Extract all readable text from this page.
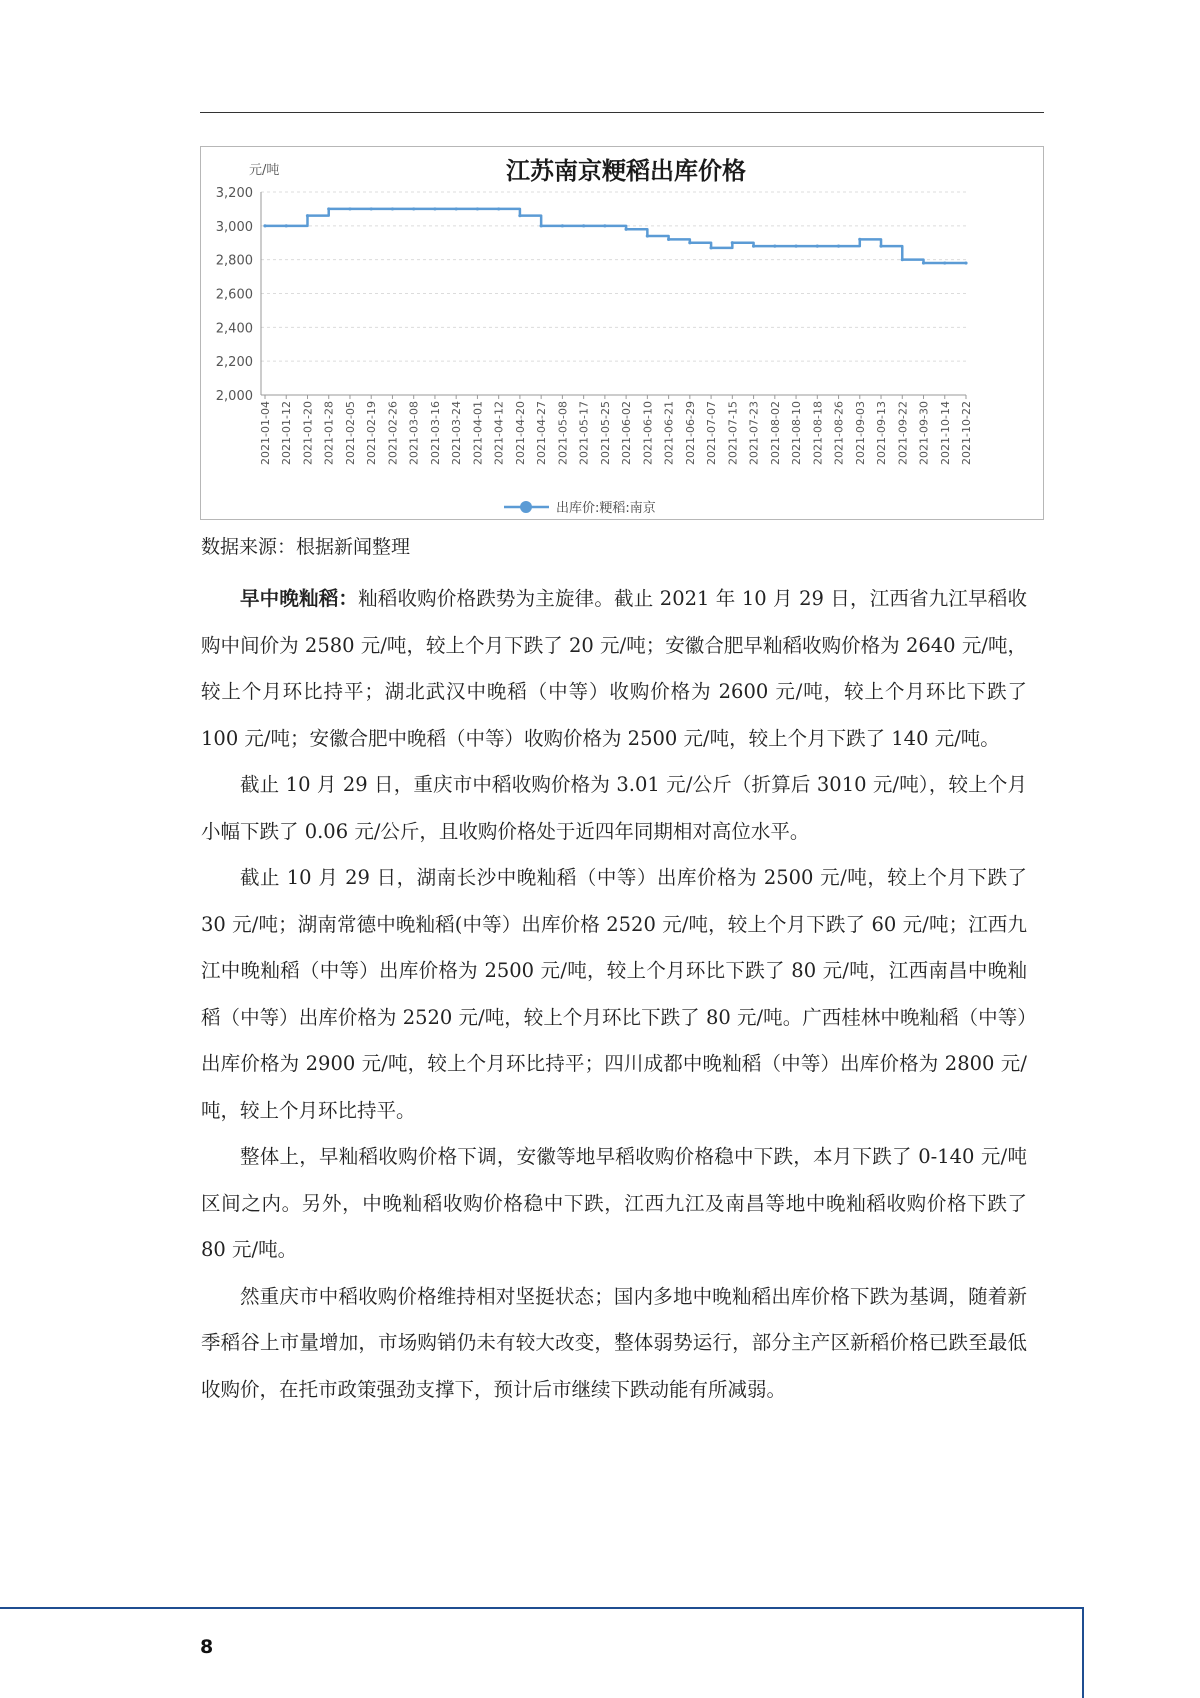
元/吨	江苏南京粳稻出库价格
3,200
3,000
2,800
2,600
2,400
2,200
2,000
2021-01-04 2021-01-12 2021-01-20 2021-01-28 2021-02-05 2021-02-19 2021-02-26 2021-03-08 2021-03-16 2021-03-24 2021-04-01 2021-04-12 2021-04-20 2021-04-27 2021-05-08 2021-05-17 2021-05-25 2021-06-02 2021-06-10 2021-06-21 2021-06-29 2021-07-07 2021-07-15 2021-07-23 2021-08-02 2021-08-10 2021-08-18 2021-08-26 2021-09-03 2021-09-13 2021-09-22 2021-09-30 2021-10-14 2021-10-22
出库价:粳稻:南京
数据来源：根据新闻整理

早中晚籼稻：籼稻收购价格跌势为主旋律。截止 2021 年 10 月 29 日，江西省九江早稻收购中间价为 2580 元/吨，较上个月下跌了 20 元/吨；安徽合肥早籼稻收购价格为 2640 元/吨，较上个月环比持平；湖北武汉中晚稻（中等）收购价格为 2600 元/吨，较上个月环比下跌了 100 元/吨；安徽合肥中晚稻（中等）收购价格为 2500 元/吨，较上个月下跌了 140 元/吨。

截止 10 月 29 日，重庆市中稻收购价格为 3.01 元/公斤（折算后 3010 元/吨），较上个月小幅下跌了 0.06 元/公斤，且收购价格处于近四年同期相对高位水平。

截止 10 月 29 日，湖南长沙中晚籼稻（中等）出库价格为 2500 元/吨，较上个月下跌了 30 元/吨；湖南常德中晚籼稻(中等）出库价格 2520 元/吨，较上个月下跌了 60 元/吨；江西九江中晚籼稻（中等）出库价格为 2500 元/吨，较上个月环比下跌了 80 元/吨，江西南昌中晚籼稻（中等）出库价格为 2520 元/吨，较上个月环比下跌了 80 元/吨。广西桂林中晚籼稻（中等）出库价格为 2900 元/吨，较上个月环比持平；四川成都中晚籼稻（中等）出库价格为 2800 元/吨，较上个月环比持平。

整体上，早籼稻收购价格下调，安徽等地早稻收购价格稳中下跌，本月下跌了 0-140 元/吨区间之内。另外，中晚籼稻收购价格稳中下跌，江西九江及南昌等地中晚籼稻收购价格下跌了 80 元/吨。

然重庆市中稻收购价格维持相对坚挺状态；国内多地中晚籼稻出库价格下跌为基调，随着新季稻谷上市量增加，市场购销仍未有较大改变，整体弱势运行，部分主产区新稻价格已跌至最低收购价，在托市政策强劲支撑下，预计后市继续下跌动能有所减弱。

8
